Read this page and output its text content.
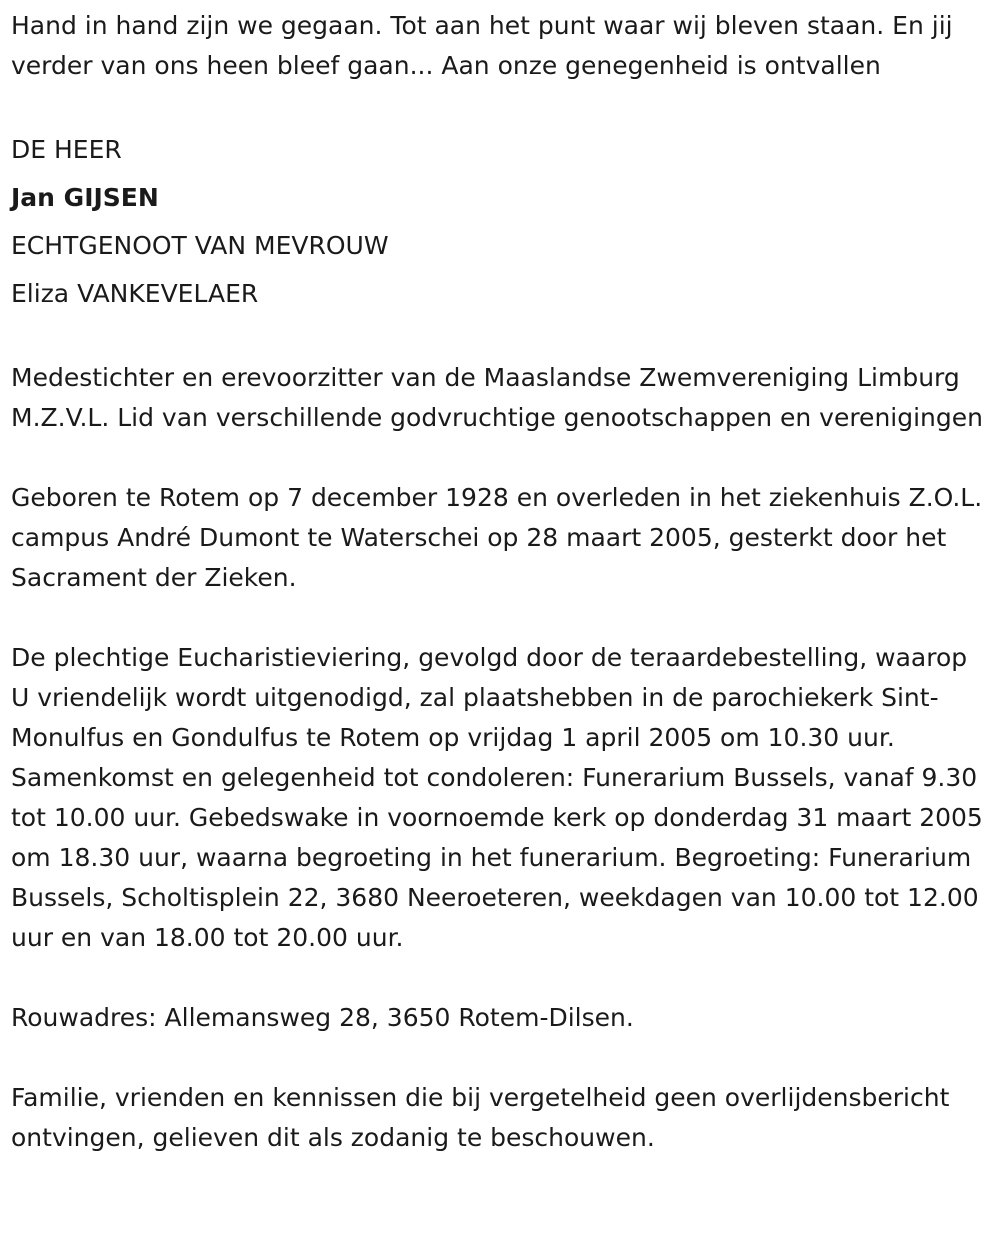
Hand in hand zijn we gegaan. Tot aan het punt waar wij bleven staan. En jij verder van ons heen bleef gaan... Aan onze genegenheid is ontvallen

DE HEER
Jan GIJSEN
ECHTGENOOT VAN MEVROUW
Eliza VANKEVELAER

Medestichter en erevoorzitter van de Maaslandse Zwemvereniging Limburg M.Z.V.L. Lid van verschillende godvruchtige genootschappen en verenigingen

Geboren te Rotem op 7 december 1928 en overleden in het ziekenhuis Z.O.L. campus André Dumont te Waterschei op 28 maart 2005, gesterkt door het Sacrament der Zieken.

De plechtige Eucharistieviering, gevolgd door de teraardebestelling, waarop U vriendelijk wordt uitgenodigd, zal plaatshebben in de parochiekerk Sint-Monulfus en Gondulfus te Rotem op vrijdag 1 april 2005 om 10.30 uur. Samenkomst en gelegenheid tot condoleren: Funerarium Bussels, vanaf 9.30 tot 10.00 uur. Gebedswake in voornoemde kerk op donderdag 31 maart 2005 om 18.30 uur, waarna begroeting in het funerarium. Begroeting: Funerarium Bussels, Scholtisplein 22, 3680 Neeroeteren, weekdagen van 10.00 tot 12.00 uur en van 18.00 tot 20.00 uur.

Rouwadres: Allemansweg 28, 3650 Rotem-Dilsen.

Familie, vrienden en kennissen die bij vergetelheid geen overlijdensbericht ontvingen, gelieven dit als zodanig te beschouwen.
